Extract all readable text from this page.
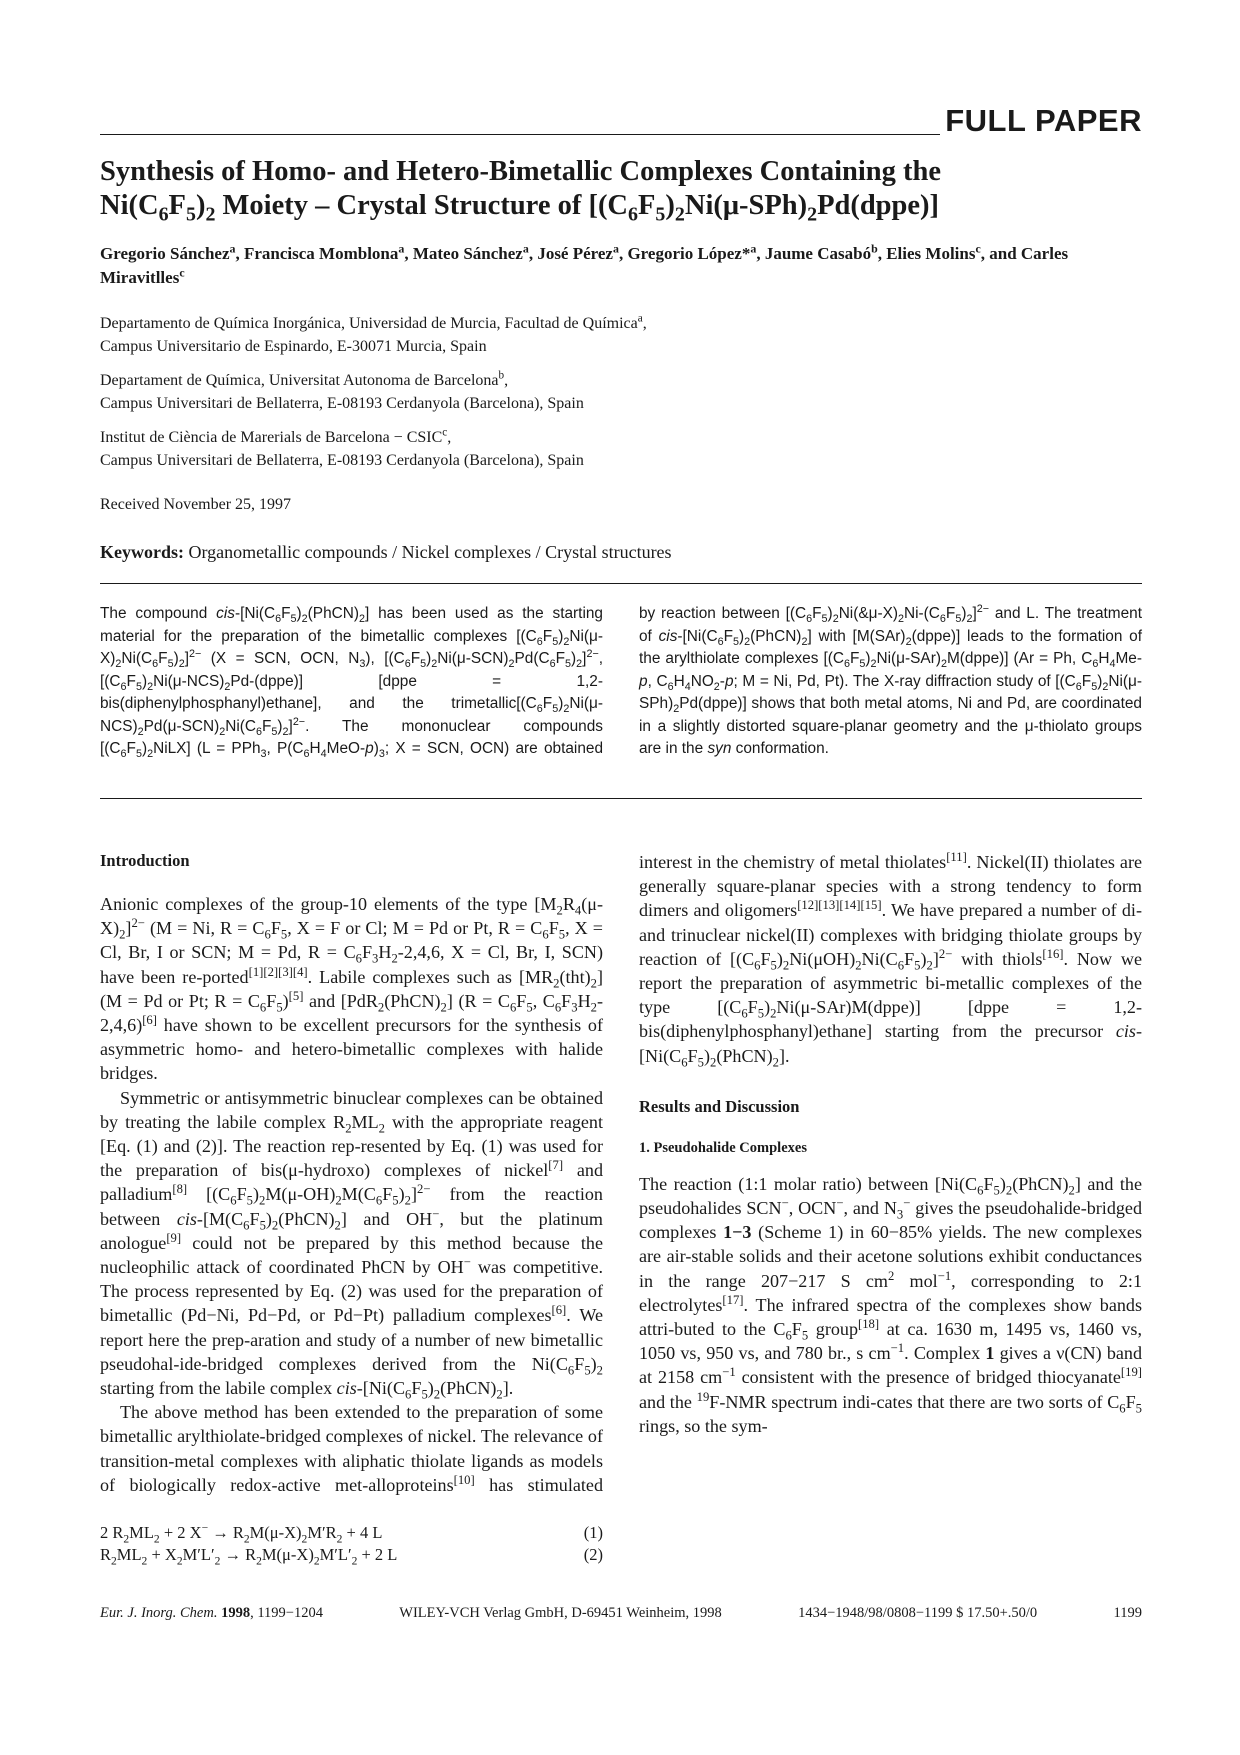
FULL PAPER
Synthesis of Homo- and Hetero-Bimetallic Complexes Containing the
$Ni(C_6F_5)_2$ Moiety – Crystal Structure of $[(C_6F_5)_2Ni(\mu-SPh)_2Pd(dppe)]$

Gregorio Sánchez$^a$, Francisca Momblona$^a$, Mateo Sánchez$^a$, José Pérez$^a$, Gregorio López*$^a$, Jaume Casabó$^b$, Elies Molins$^c$, and Carles Miravitlles$^c$

Departamento de Química Inorgánica, Universidad de Murcia, Facultad de Química$^a$,
Campus Universitario de Espinardo, E-30071 Murcia, Spain

Departament de Química, Universitat Autonoma de Barcelona$^b$,
Campus Universitari de Bellaterra, E-08193 Cerdanyola (Barcelona), Spain

Institut de Ciència de Marerials de Barcelona − $CSIC^c$,
Campus Universitari de Bellaterra, E-08193 Cerdanyola (Barcelona), Spain

Received November 25, 1997
Keywords: Organometallic compounds / Nickel complexes / Crystal structures

The compound cis-$[Ni(C_6F_5)_2(PhCN)_2]$ has been used as the starting material for the preparation of the bimetallic complexes $[(C_6F_5)_2Ni(\mu-X)_2Ni(C_6F_5)_2]^{2-}$ (X = SCN, OCN, $N_3$), $[(C_6F_5)_2Ni(\mu-SCN)_2Pd(C_6F_5)_2]^{2-}$, $[(C_6F_5)_2Ni(\mu-NCS)_2Pd-(dppe)]$ [dppe = 1,2-bis(diphenylphosphanyl)ethane], and the $trimetallic[(C_6F_5)_2Ni(\mu-NCS)_2Pd(\mu-SCN)_2Ni(C_6F_5)_2]^{2-}$. The mononuclear compounds $[(C_6F_5)_2NiLX] (L = PPh_3$, $P(C_6H_4MeO-p)_3$; X = SCN, OCN) are obtained by reaction between $[(C_6F_5)_2Ni(\&\mu-X)_2Ni-(C_6F_5)_2]^{2-}$ and L. The treatment of cis-$[Ni(C_6F_5)_2(PhCN)_2]$ with $[M(SAr)_2(dppe)]$ leads to the formation of the arylthiolate complexes $[(C_6F_5)_2Ni(\mu-SAr)_2M(dppe)] (Ar = Ph$, $C_6H_4Me-p$, $C_6H_4NO_2-p$; M = Ni, Pd, Pt). The X-ray diffraction study of $[(C_6F_5)_2Ni(\mu-SPh)_2Pd(dppe)]$ shows that both metal atoms, Ni and Pd, are coordinated in a slightly distorted square-planar geometry and the μ-thiolato groups are in the syn conformation.

Introduction

Anionic complexes of the group-10 elements of the type $[M_2R_4(\mu-X)_2]^{2-}$ (M = Ni, $R = C_6F_5$, X = F or Cl; M = Pd or Pt, $R = C_6F_5$, X = Cl, Br, I or SCN; M = Pd, $R = C_6F_3H_2-2,4,6$, X = Cl, Br, I, SCN) have been re-ported[1][2][3][4]. Labile complexes such as $[MR_2(tht)_2] (M = Pd$ or Pt; $R = C_6F_5)[5]$ and $[PdR_2(PhCN)_2] (R = C_6F_5$, $C_6F_3H_2-2,4,6)[6]$ have shown to be excellent precursors for the synthesis of asymmetric homo- and hetero-bimetallic complexes with halide bridges.

Symmetric or antisymmetric binuclear complexes can be obtained by treating the labile complex $R_2ML_2$ with the appropriate reagent [Eq. (1) and (2)]. The reaction rep-resented by Eq. (1) was used for the preparation of bis(μ-hydroxo) complexes of nickel[7] and palladium[8] $[(C_6F_5)_2M(\mu-OH)_2M(C_6F_5)_2]^{2-}$ from the reaction between cis-$[M(C_6F_5)_2(PhCN)_2]$ and OH−, but the platinum anologue[9] could not be prepared by this method because the nucleophilic attack of coordinated PhCN by OH− was competitive. The process represented by Eq. (2) was used for the preparation of bimetallic (Pd−Ni, Pd−Pd, or Pd−Pt) palladium complexes[6]. We report here the prep-aration and study of a number of new bimetallic pseudohal-ide-bridged complexes derived from the $Ni(C_6F_5)_2$ starting from the labile complex cis-$[Ni(C_6F_5)_2(PhCN)_2]$.

The above method has been extended to the preparation of some bimetallic arylthiolate-bridged complexes of nickel. The relevance of transition-metal complexes with aliphatic thiolate ligands as models of biologically redox-active met-alloproteins[10] has stimulated interest in the chemistry of metal thiolates[11]. Nickel(II) thiolates are generally square-planar species with a strong tendency to form dimers and oligomers[12][13][14][15]. We have prepared a number of di- and trinuclear nickel(II) complexes with bridging thiolate groups by reaction of $[(C_6F_5)_2Ni(\mu OH)_2Ni(C_6F_5)_2]^{2-}$ with thiols[16]. Now we report the preparation of asymmetric bi-metallic complexes of the type $[(C_6F_5)_2Ni(\mu-SAr)M(dppe)]$ [dppe = 1,2-bis(diphenylphosphanyl)ethane] starting from the precursor cis-$[Ni(C_6F_5)_2(PhCN)_2]$.

Results and Discussion
1. Pseudohalide Complexes

The reaction (1:1 molar ratio) between $[Ni(C_6F_5)_2(PhCN)_2]$ and the pseudohalides SCN−, OCN−, and $N_3^-$ gives the pseudohalide-bridged complexes 1−3 (Scheme 1) in 60−85% yields. The new complexes are air-stable solids and their acetone solutions exhibit conductances in the range 207−217 S $cm^2$ mol$^{-1}$, corresponding to 2:1 electrolytes[17]. The infrared spectra of the complexes show bands attri-buted to the $C_6F_5$ group[18] at ca. 1630 m, 1495 vs, 1460 vs, 1050 vs, 950 vs, and 780 br., s $cm^{-1}$. Complex 1 gives a ν(CN) band at 2158 $cm^{-1}$ consistent with the presence of bridged thiocyanate[19] and the $^{19}$F-NMR spectrum indi-cates that there are two sorts of $C_6F_5$ rings, so the sym-

2 $R_2ML_2 + 2$ $X^- \to R_2M(\mu-X)_2M'R_2 + 4$ L	(1)
$R_2ML_2 + X_2M'L'_2 \to R_2M(\mu-X)_2M'L'_2 + 2$ L	(2)
Eur. J. Inorg. Chem. 1998, 1199−1204	WILEY-VCH Verlag GmbH, D-69451 Weinheim, 1998	1434−1948/98/0808−1199 $ 17.50+.50/0	1199
